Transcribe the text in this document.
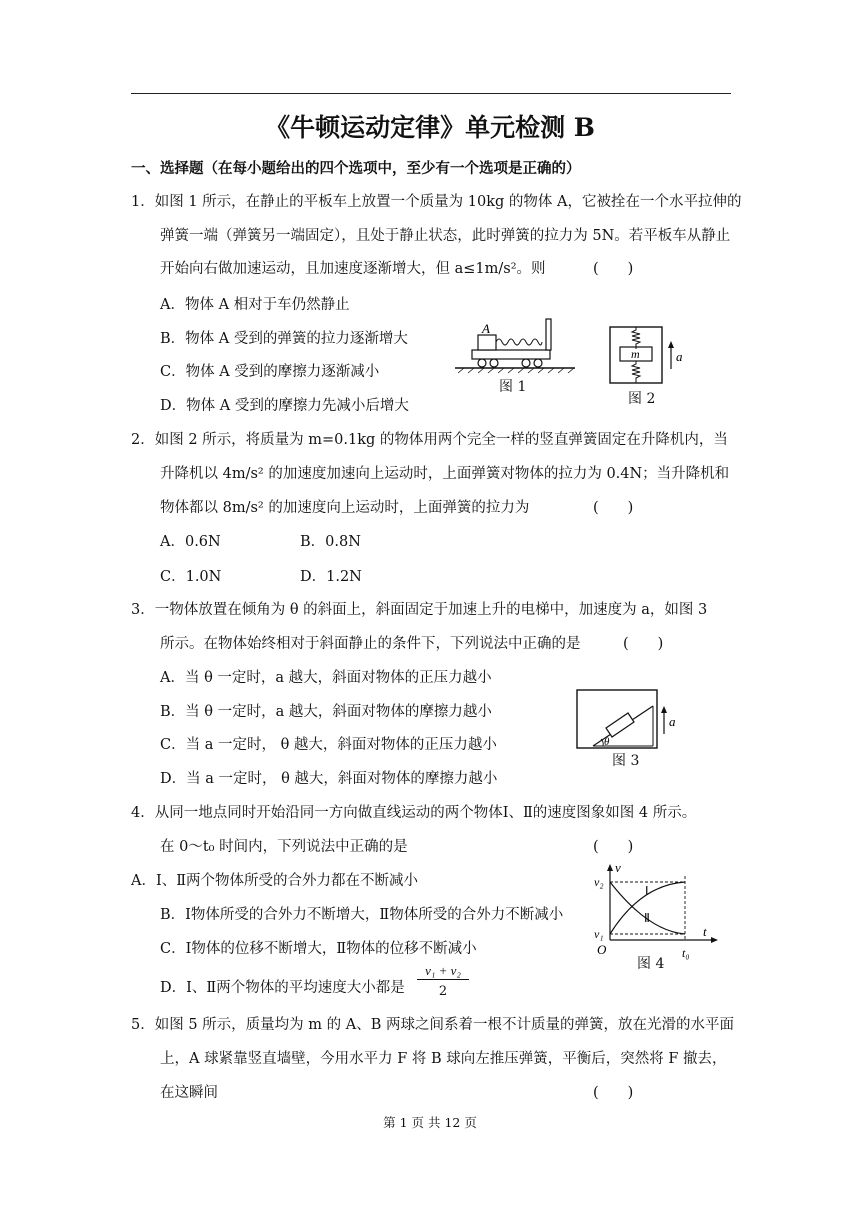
《牛顿运动定律》单元检测 B
一、选择题（在每小题给出的四个选项中，至少有一个选项是正确的）
1．如图 1 所示，在静止的平板车上放置一个质量为 10kg 的物体 A，它被拴在一个水平拉伸的
弹簧一端（弹簧另一端固定），且处于静止状态，此时弹簧的拉力为 5N。若平板车从静止
开始向右做加速运动，且加速度逐渐增大，但 a≤1m/s²。则	(　　)
A．物体 A 相对于车仍然静止
B．物体 A 受到的弹簧的拉力逐渐增大
C．物体 A 受到的摩擦力逐渐减小
D．物体 A 受到的摩擦力先减小后增大
A
图 1
m	a
图 2
2．如图 2 所示，将质量为 m=0.1kg 的物体用两个完全一样的竖直弹簧固定在升降机内，当
升降机以 4m/s² 的加速度加速向上运动时，上面弹簧对物体的拉力为 0.4N；当升降机和
物体都以 8m/s² 的加速度向上运动时，上面弹簧的拉力为	(　　)
A．0.6N	B．0.8N
C．1.0N	D．1.2N
3．一物体放置在倾角为 θ 的斜面上，斜面固定于加速上升的电梯中，加速度为 a，如图 3
所示。在物体始终相对于斜面静止的条件下，下列说法中正确的是	(　　)
A．当 θ 一定时，a 越大，斜面对物体的正压力越小
B．当 θ 一定时，a 越大，斜面对物体的摩擦力越小
C．当 a 一定时， θ 越大，斜面对物体的正压力越小
D．当 a 一定时， θ 越大，斜面对物体的摩擦力越小
θ
a
图 3
4．从同一地点同时开始沿同一方向做直线运动的两个物体Ⅰ、Ⅱ的速度图象如图 4 所示。
在 0～t₀ 时间内，下列说法中正确的是	(　　)
A．Ⅰ、Ⅱ两个物体所受的合外力都在不断减小
B．Ⅰ物体所受的合外力不断增大，Ⅱ物体所受的合外力不断减小
C．Ⅰ物体的位移不断增大，Ⅱ物体的位移不断减小
D．Ⅰ、Ⅱ两个物体的平均速度大小都是
v₁ + v₂
2
v
t
v₂
v₁
O	t₀
Ⅰ
Ⅱ
图 4
5．如图 5 所示，质量均为 m 的 A、B 两球之间系着一根不计质量的弹簧，放在光滑的水平面
上，A 球紧靠竖直墙壁，今用水平力 F 将 B 球向左推压弹簧，平衡后，突然将 F 撤去，
在这瞬间	(　　)
第 1 页 共 12 页
